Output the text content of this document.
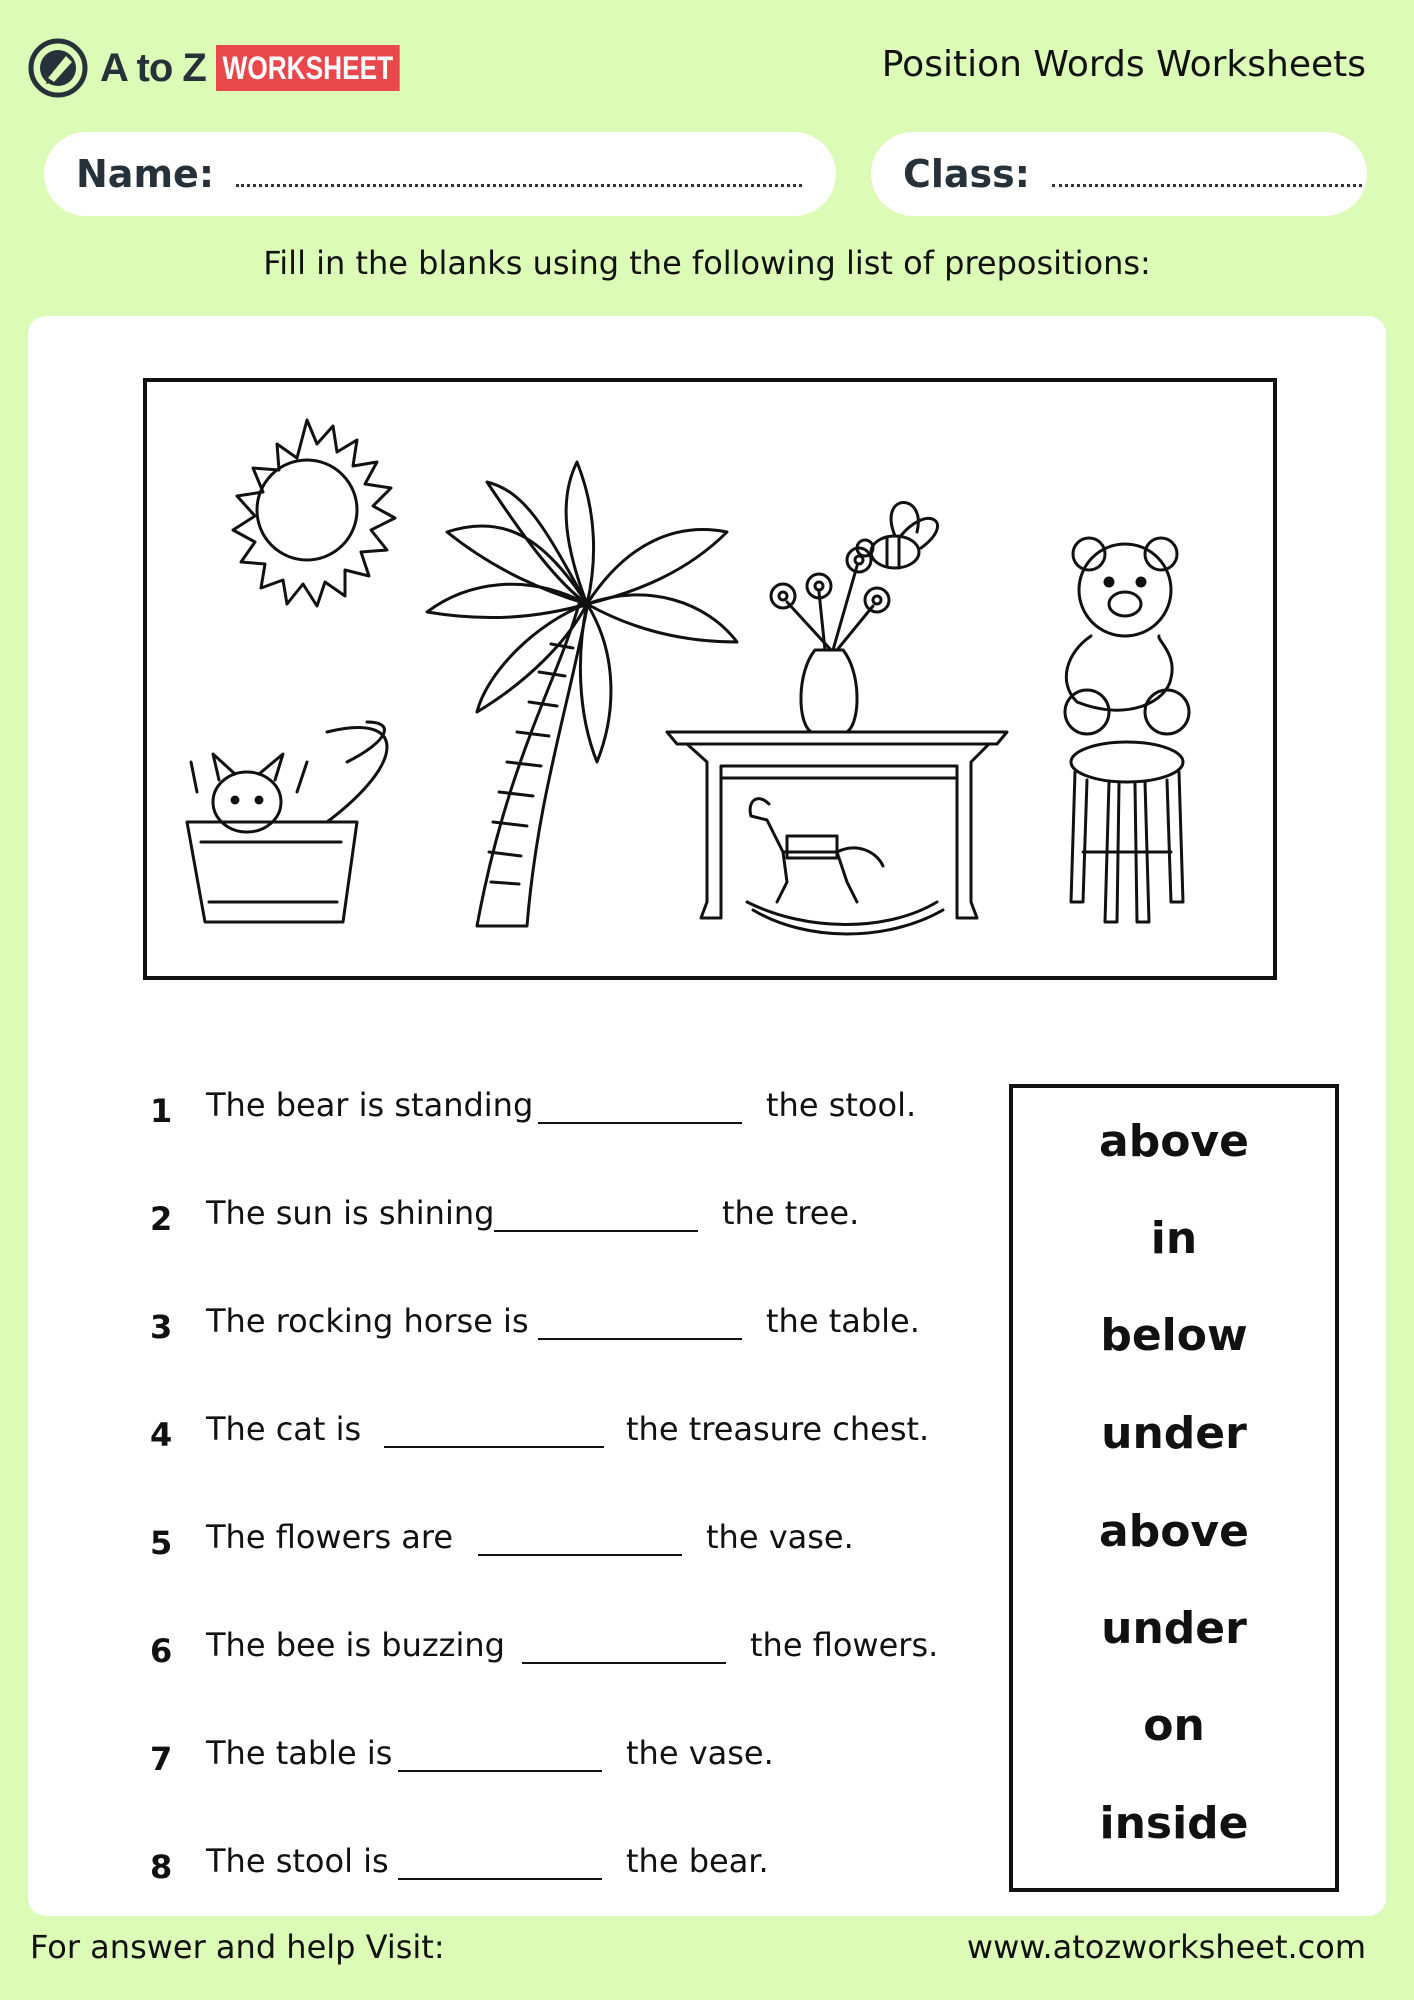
A to Z WORKSHEET	Position Words Worksheets
Name:	Class:
Fill in the blanks using the following list of prepositions:
1 The bear is standing	the stool.
2 The sun is shining	the tree.
3 The rocking horse is	the table.
4 The cat is	the treasure chest.
5 The flowers are	the vase.
6 The bee is buzzing	the flowers.
7 The table is	the vase.
8 The stool is	the bear.
above
in
below
under
above
under
on
inside
For answer and help Visit:	www.atozworksheet.com
